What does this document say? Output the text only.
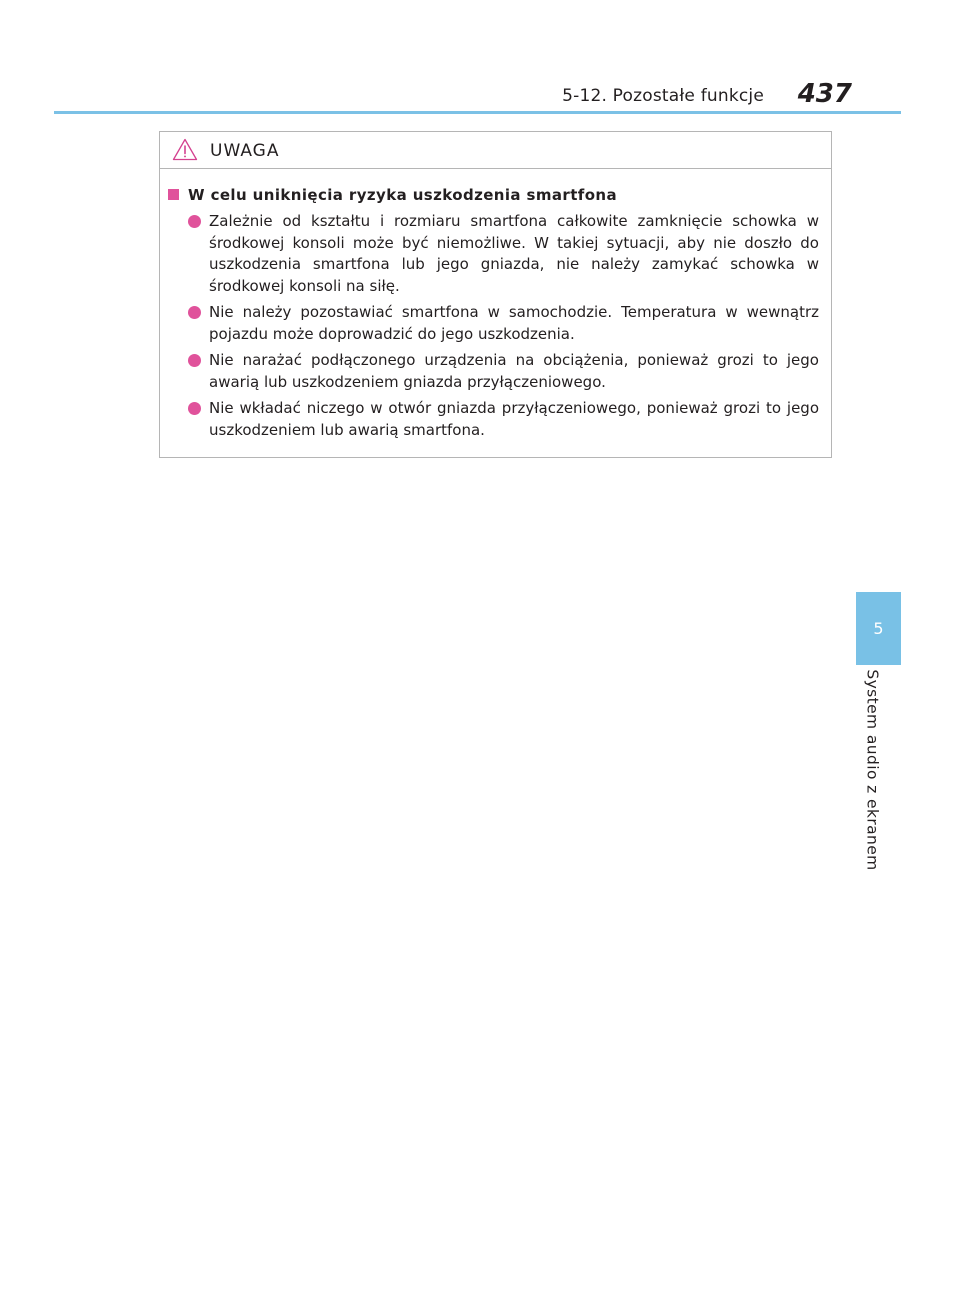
5-12. Pozostałe funkcje 437
5
System audio z ekranem
UWAGA
W celu uniknięcia ryzyka uszkodzenia smartfona
Zależnie od kształtu i rozmiaru smartfona całkowite zamknięcie schowka w środkowej konsoli może być niemożliwe. W takiej sytuacji, aby nie doszło do uszkodzenia smartfona lub jego gniazda, nie należy zamykać schowka w środkowej konsoli na siłę.
Nie należy pozostawiać smartfona w samochodzie. Temperatura w wewnątrz pojazdu może doprowadzić do jego uszkodzenia.
Nie narażać podłączonego urządzenia na obciążenia, ponieważ grozi to jego awarią lub uszkodzeniem gniazda przyłączeniowego.
Nie wkładać niczego w otwór gniazda przyłączeniowego, ponieważ grozi to jego uszkodzeniem lub awarią smartfona.
